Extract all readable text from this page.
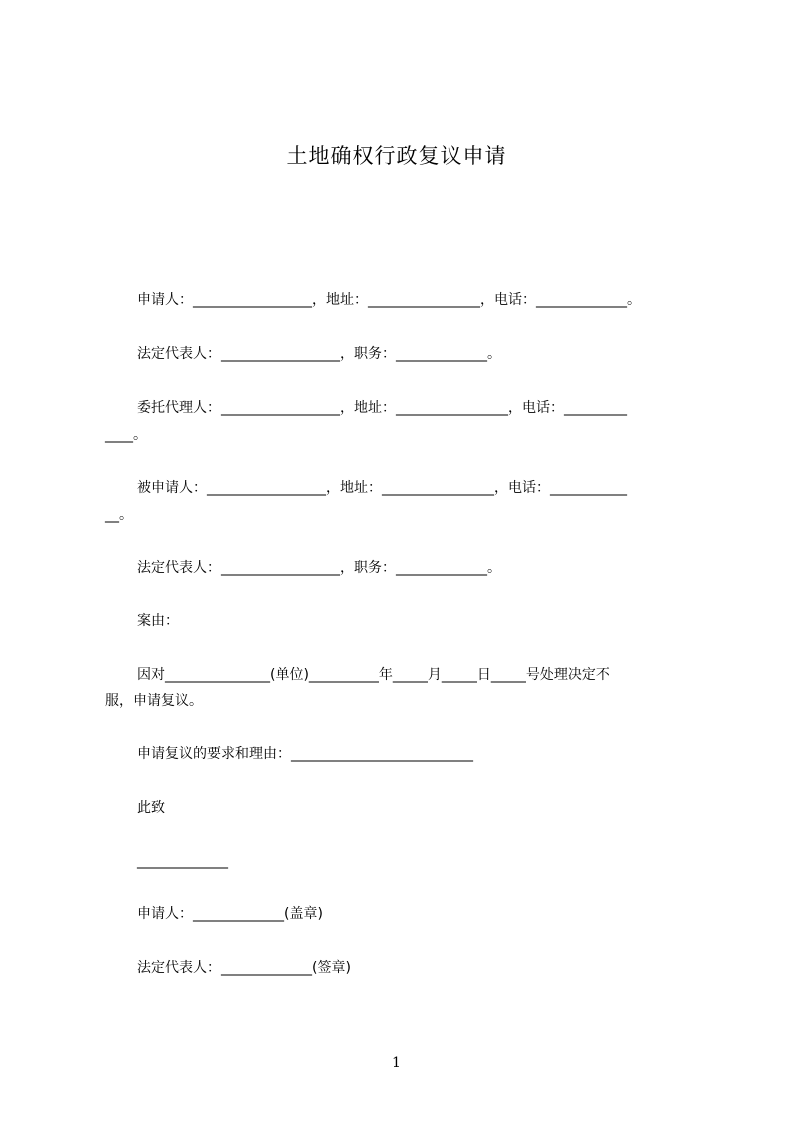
土地确权行政复议申请

申请人：_________________，地址：________________，电话：_____________。

法定代表人：_________________，职务：_____________。

委托代理人：_________________，地址：________________，电话：_________

____。

被申请人：_________________，地址：________________，电话：___________

__。

法定代表人：_________________，职务：_____________。

案由：

因对_______________(单位)__________年_____月_____日_____号处理决定不

服，申请复议。

申请复议的要求和理由：__________________________

此致

_____________

申请人：_____________(盖章)

法定代表人：_____________(签章)

1
